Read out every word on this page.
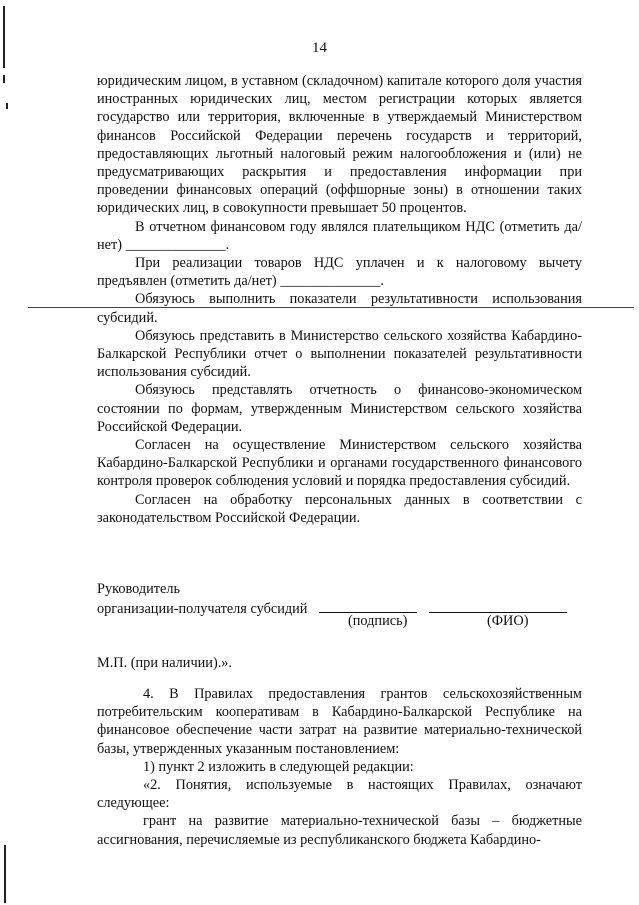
14

юридическим лицом, в уставном (складочном) капитале которого доля участия иностранных юридических лиц, местом регистрации которых является государство или территория, включенные в утверждаемый Министерством финансов Российской Федерации перечень государств и территорий, предоставляющих льготный налоговый режим налогообложения и (или) не предусматривающих раскрытия и предоставления информации при проведении финансовых операций (оффшорные зоны) в отношении таких юридических лиц, в совокупности превышает 50 процентов.

В отчетном финансовом году являлся плательщиком НДС (отметить да/нет) ______________.

При реализации товаров НДС уплачен и к налоговому вычету предъявлен (отметить да/нет) ______________.

Обязуюсь выполнить показатели результативности использования субсидий.

Обязуюсь представить в Министерство сельского хозяйства Кабардино-Балкарской Республики отчет о выполнении показателей результативности использования субсидий.

Обязуюсь представлять отчетность о финансово-экономическом состоянии по формам, утвержденным Министерством сельского хозяйства Российской Федерации.

Согласен на осуществление Министерством сельского хозяйства Кабардино-Балкарской Республики и органами государственного финансового контроля проверок соблюдения условий и порядка предоставления субсидий.

Согласен на обработку персональных данных в соответствии с законодательством Российской Федерации.

Руководитель
организации-получателя субсидий
(подпись)	(ФИО)
М.П. (при наличии).».

4. В Правилах предоставления грантов сельскохозяйственным потребительским кооперативам в Кабардино-Балкарской Республике на финансовое обеспечение части затрат на развитие материально-технической базы, утвержденных указанным постановлением:

1) пункт 2 изложить в следующей редакции:

«2. Понятия, используемые в настоящих Правилах, означают следующее:

грант на развитие материально-технической базы – бюджетные ассигнования, перечисляемые из республиканского бюджета Кабардино-
